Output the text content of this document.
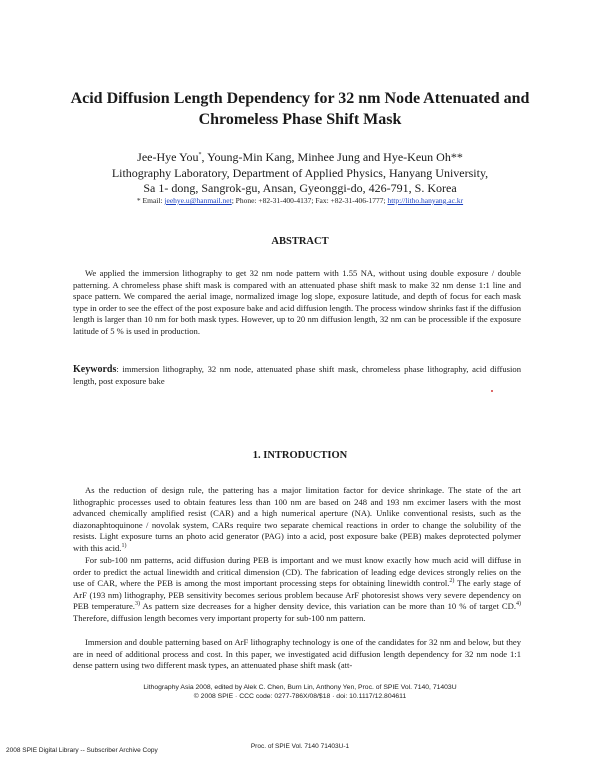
Acid Diffusion Length Dependency for 32 nm Node Attenuated and
Chromeless Phase Shift Mask
Jee-Hye You*, Young-Min Kang, Minhee Jung and Hye-Keun Oh**
Lithography Laboratory, Department of Applied Physics, Hanyang University,
Sa 1- dong, Sangrok-gu, Ansan, Gyeonggi-do, 426-791, S. Korea
* Email: jeehye.u@hanmail.net; Phone: +82-31-400-4137; Fax: +82-31-406-1777; http://litho.hanyang.ac.kr
ABSTRACT
We applied the immersion lithography to get 32 nm node pattern with 1.55 NA, without using double exposure / double patterning. A chromeless phase shift mask is compared with an attenuated phase shift mask to make 32 nm dense 1:1 line and space pattern. We compared the aerial image, normalized image log slope, exposure latitude, and depth of focus for each mask type in order to see the effect of the post exposure bake and acid diffusion length. The process window shrinks fast if the diffusion length is larger than 10 nm for both mask types. However, up to 20 nm diffusion length, 32 nm can be processible if the exposure latitude of 5 % is used in production.
Keywords: immersion lithography, 32 nm node, attenuated phase shift mask, chromeless phase lithography, acid diffusion length, post exposure bake
1. INTRODUCTION
As the reduction of design rule, the pattering has a major limitation factor for device shrinkage. The state of the art lithographic processes used to obtain features less than 100 nm are based on 248 and 193 nm excimer lasers with the most advanced chemically amplified resist (CAR) and a high numerical aperture (NA). Unlike conventional resists, such as the diazonaphtoquinone / novolak system, CARs require two separate chemical reactions in order to change the solubility of the resists. Light exposure turns an photo acid generator (PAG) into a acid, post exposure bake (PEB) makes deprotected polymer with this acid.$^{1)}$
For sub-100 nm patterns, acid diffusion during PEB is important and we must know exactly how much acid will diffuse in order to predict the actual linewidth and critical dimension (CD). The fabrication of leading edge devices strongly relies on the use of CAR, where the PEB is among the most important processing steps for obtaining linewidth control.$^{2)}$ The early stage of ArF (193 nm) lithography, PEB sensitivity becomes serious problem because ArF photoresist shows very severe dependency on PEB temperature.$^{3)}$ As pattern size decreases for a higher density device, this variation can be more than 10 % of target CD.$^{4)}$ Therefore, diffusion length becomes very important property for sub-100 nm pattern.
Immersion and double patterning based on ArF lithography technology is one of the candidates for 32 nm and below, but they are in need of additional process and cost. In this paper, we investigated acid diffusion length dependency for 32 nm node 1:1 dense pattern using two different mask types, an attenuated phase shift mask (att-
Lithography Asia 2008, edited by Alek C. Chen, Burn Lin, Anthony Yen, Proc. of SPIE Vol. 7140, 71403U
© 2008 SPIE · CCC code: 0277-786X/08/$18 · doi: 10.1117/12.804611
Proc. of SPIE Vol. 7140 71403U-1
2008 SPIE Digital Library -- Subscriber Archive Copy
